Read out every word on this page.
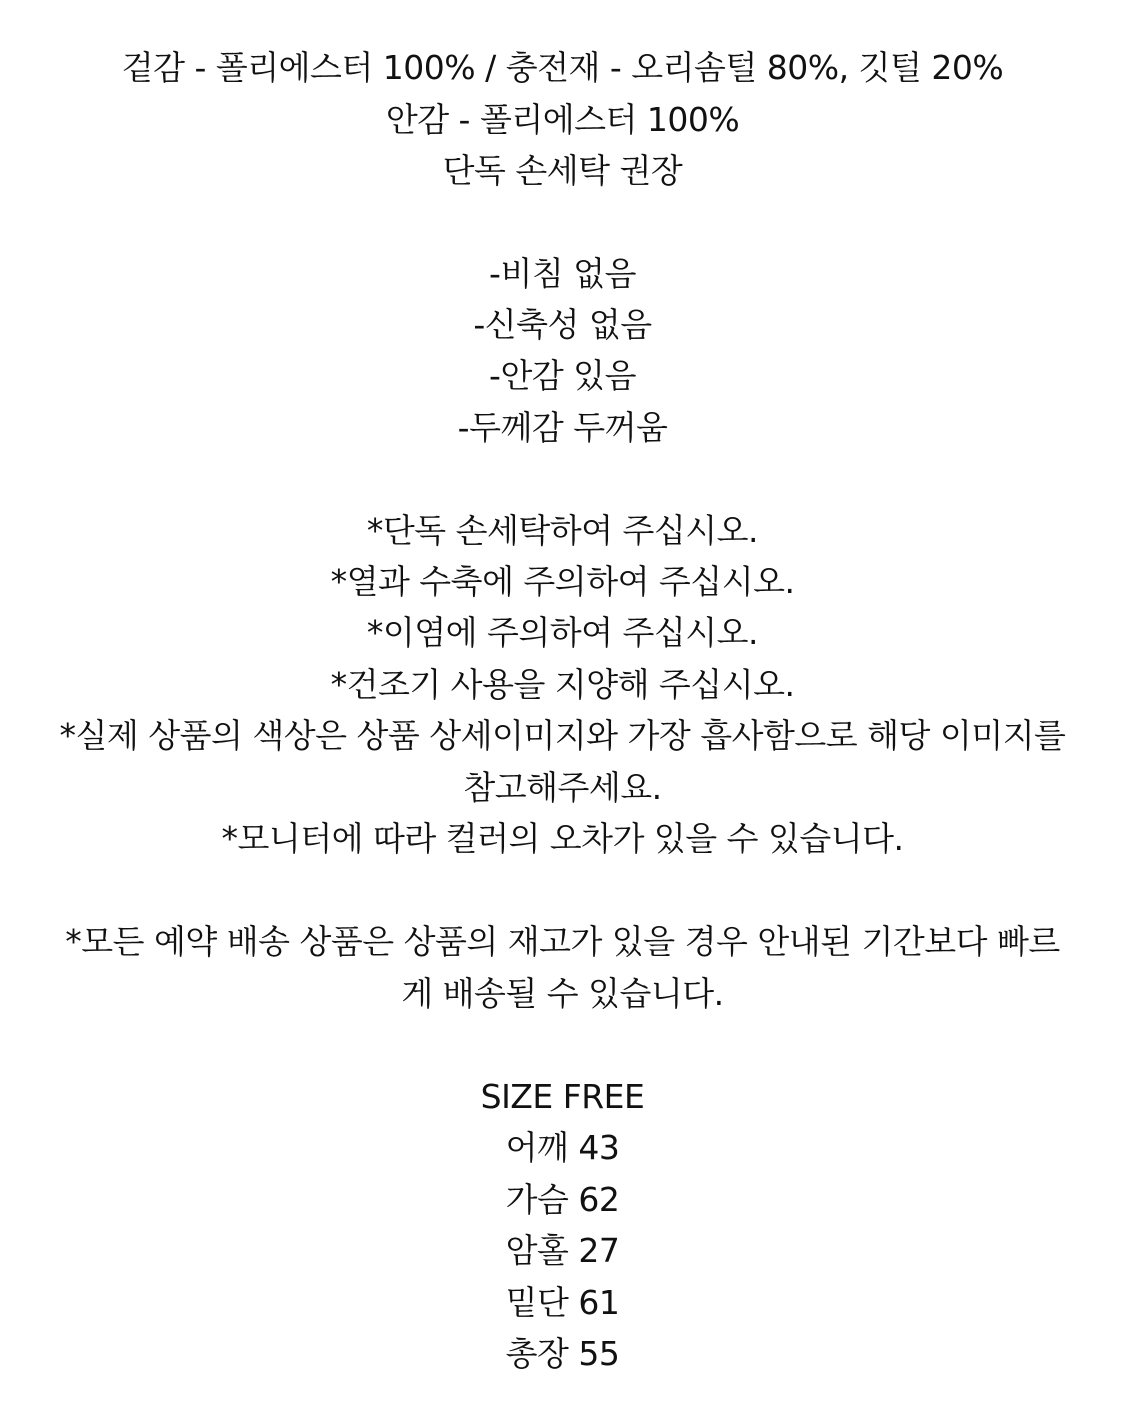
겉감 - 폴리에스터 100% / 충전재 - 오리솜털 80%, 깃털 20%
안감 - 폴리에스터 100%
단독 손세탁 권장
-비침 없음
-신축성 없음
-안감 있음
-두께감 두꺼움
*단독 손세탁하여 주십시오.
*열과 수축에 주의하여 주십시오.
*이염에 주의하여 주십시오.
*건조기 사용을 지양해 주십시오.
*실제 상품의 색상은 상품 상세이미지와 가장 흡사함으로 해당 이미지를
참고해주세요.
*모니터에 따라 컬러의 오차가 있을 수 있습니다.
*모든 예약 배송 상품은 상품의 재고가 있을 경우 안내된 기간보다 빠르
게 배송될 수 있습니다.
SIZE FREE
어깨 43
가슴 62
암홀 27
밑단 61
총장 55
